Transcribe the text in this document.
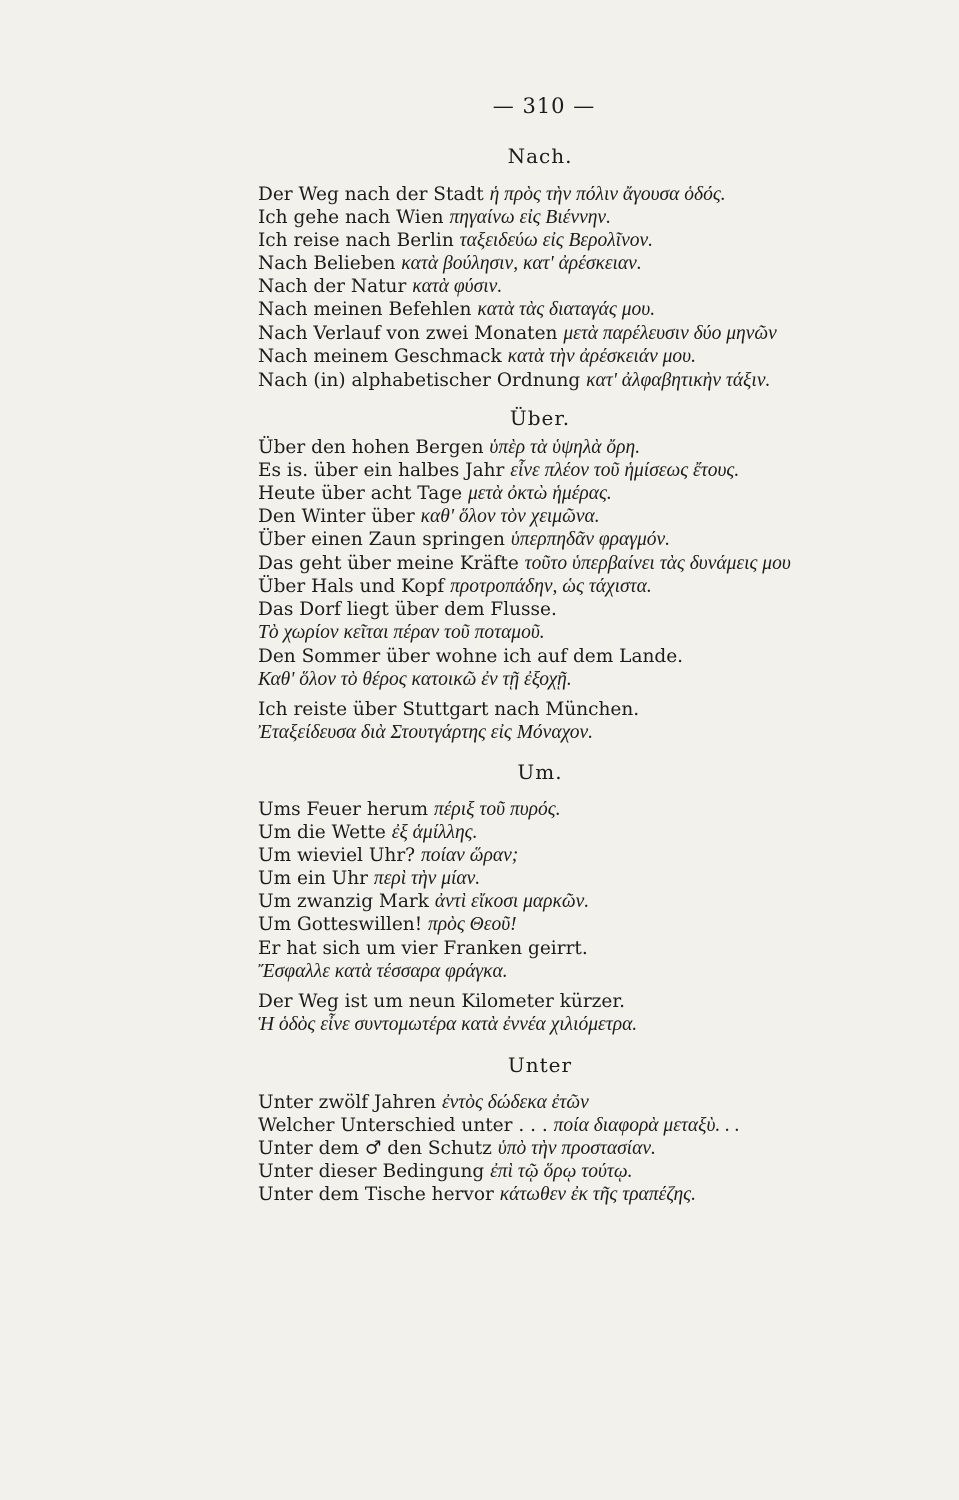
— 310 —
Nach.
Der Weg nach der Stadt ἡ πρὸς τὴν πόλιν ἄγουσα ὁδός.
Ich gehe nach Wien πηγαίνω εἰς Βιέννην.
Ich reise nach Berlin ταξειδεύω εἰς Βερολῖνον.
Nach Belieben κατὰ βούλησιν, κατ' ἀρέσκειαν.
Nach der Natur κατὰ φύσιν.
Nach meinen Befehlen κατὰ τὰς διαταγάς μου.
Nach Verlauf von zwei Monaten μετὰ παρέλευσιν δύο μηνῶν
Nach meinem Geschmack κατὰ τὴν ἀρέσκειάν μου.
Nach (in) alphabetischer Ordnung κατ' ἀλφαβητικὴν τάξιν.
Über.
Über den hohen Bergen ὑπὲρ τὰ ὑψηλὰ ὄρη.
Es is. über ein halbes Jahr εἶνε πλέον τοῦ ἡμίσεως ἔτους.
Heute über acht Tage μετὰ ὀκτὼ ἡμέρας.
Den Winter über καθ' ὅλον τὸν χειμῶνα.
Über einen Zaun springen ὑπερπηδᾶν φραγμόν.
Das geht über meine Kräfte τοῦτο ὑπερβαίνει τὰς δυνάμεις μου
Über Hals und Kopf προτροπάδην, ὡς τάχιστα.
Das Dorf liegt über dem Flusse.
Τὸ χωρίον κεῖται πέραν τοῦ ποταμοῦ.
Den Sommer über wohne ich auf dem Lande.
Καθ' ὅλον τὸ θέρος κατοικῶ ἐν τῇ ἐξοχῇ.
Ich reiste über Stuttgart nach München.
Ἐταξείδευσα διὰ Στουτγάρτης εἰς Μόναχον.
Um.
Ums Feuer herum πέριξ τοῦ πυρός.
Um die Wette ἐξ ἁμίλλης.
Um wieviel Uhr? ποίαν ὥραν;
Um ein Uhr περὶ τὴν μίαν.
Um zwanzig Mark ἀντὶ εἴκοσι μαρκῶν.
Um Gotteswillen! πρὸς Θεοῦ!
Er hat sich um vier Franken geirrt.
Ἔσφαλλε κατὰ τέσσαρα φράγκα.
Der Weg ist um neun Kilometer kürzer.
Ἡ ὁδὸς εἶνε συντομωτέρα κατὰ ἐννέα χιλιόμετρα.
Unter
Unter zwölf Jahren ἐντὸς δώδεκα ἐτῶν
Welcher Unterschied unter . . . ποία διαφορὰ μεταξὺ. . .
Unter dem ♂ den Schutz ὑπὸ τὴν προστασίαν.
Unter dieser Bedingung ἐπὶ τῷ ὅρῳ τούτῳ.
Unter dem Tische hervor κάτωθεν ἐκ τῆς τραπέζης.
